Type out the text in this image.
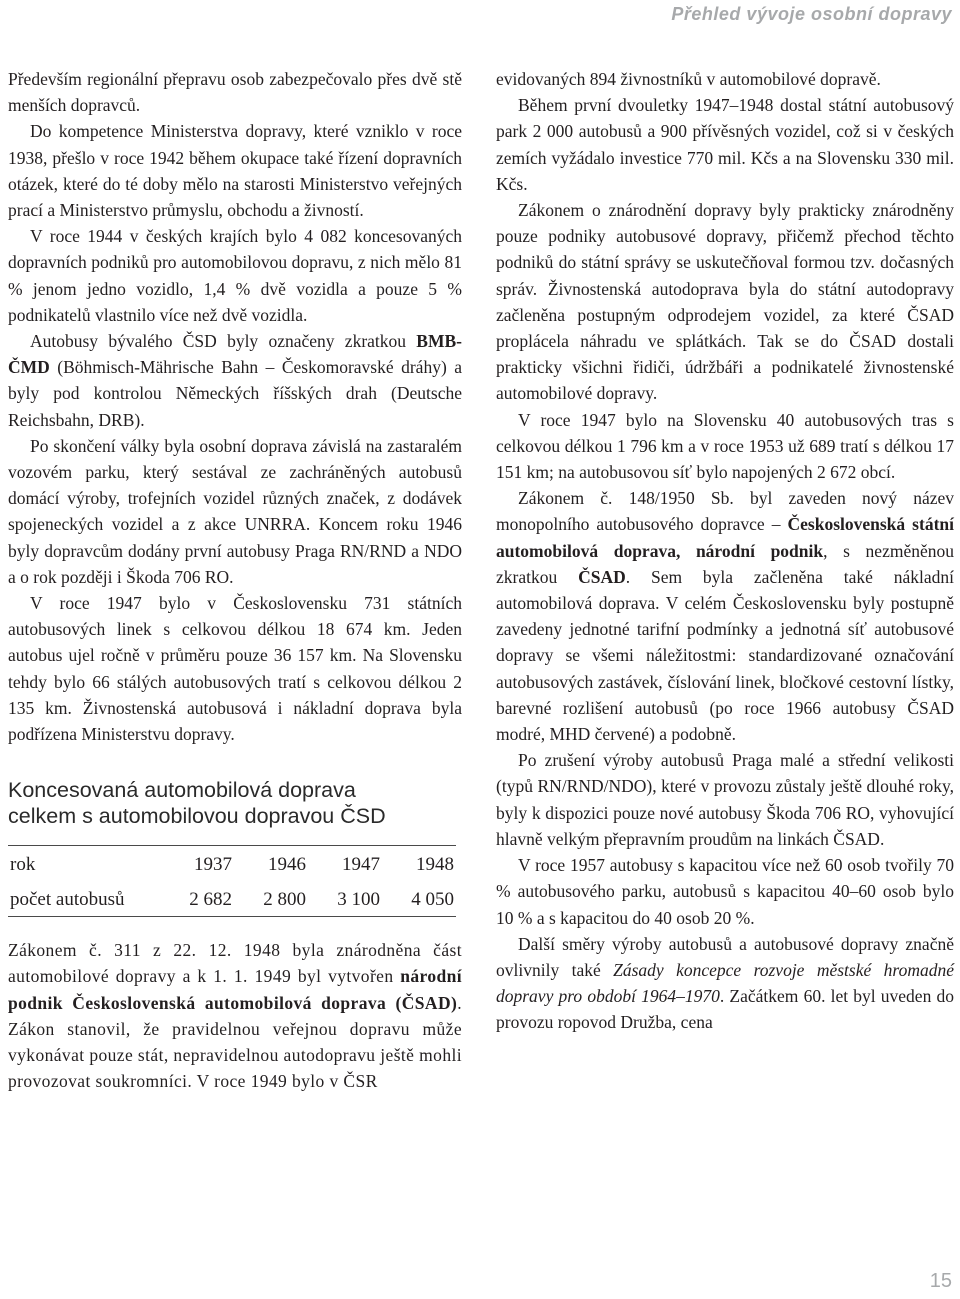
Přehled vývoje osobní dopravy

Především regionální přepravu osob zabezpečovalo přes dvě stě menších dopravců.

Do kompetence Ministerstva dopravy, které vzniklo v roce 1938, přešlo v roce 1942 během okupace také řízení dopravních otázek, které do té doby mělo na starosti Ministerstvo veřejných prací a Ministerstvo průmyslu, obchodu a živností.

V roce 1944 v českých krajích bylo 4 082 koncesovaných dopravních podniků pro automobilovou dopravu, z nich mělo 81 % jenom jedno vozidlo, 1,4 % dvě vozidla a pouze 5 % podnikatelů vlastnilo více než dvě vozidla.

Autobusy bývalého ČSD byly označeny zkratkou BMB-ČMD (Böhmisch-Mährische Bahn – Českomoravské dráhy) a byly pod kontrolou Německých říšských drah (Deutsche Reichsbahn, DRB).

Po skončení války byla osobní doprava závislá na zastaralém vozovém parku, který sestával ze zachráněných autobusů domácí výroby, trofejních vozidel různých značek, z dodávek spojeneckých vozidel a z akce UNRRA. Koncem roku 1946 byly dopravcům dodány první autobusy Praga RN/RND a NDO a o rok později i Škoda 706 RO.

V roce 1947 bylo v Československu 731 státních autobusových linek s celkovou délkou 18 674 km. Jeden autobus ujel ročně v průměru pouze 36 157 km. Na Slovensku tehdy bylo 66 stálých autobusových tratí s celkovou délkou 2 135 km. Živnostenská autobusová i nákladní doprava byla podřízena Ministerstvu dopravy.

Koncesovaná automobilová doprava
celkem s automobilovou dopravou ČSD
rok	1937	1946	1947	1948
počet autobusů	2 682	2 800	3 100	4 050

Zákonem č. 311 z 22. 12. 1948 byla znárodněna část automobilové dopravy a k 1. 1. 1949 byl vytvořen národní podnik Československá automobilová doprava (ČSAD). Zákon stanovil, že pravidelnou veřejnou dopravu může vykonávat pouze stát, nepravidelnou autodopravu ještě mohli provozovat soukromníci. V roce 1949 bylo v ČSR

evidovaných 894 živnostníků v automobilové dopravě.

Během první dvouletky 1947–1948 dostal státní autobusový park 2 000 autobusů a 900 přívěsných vozidel, což si v českých zemích vyžádalo investice 770 mil. Kčs a na Slovensku 330 mil. Kčs.

Zákonem o znárodnění dopravy byly prakticky znárodněny pouze podniky autobusové dopravy, přičemž přechod těchto podniků do státní správy se uskutečňoval formou tzv. dočasných správ. Živnostenská autodoprava byla do státní autodopravy začleněna postupným odprodejem vozidel, za které ČSAD proplácela náhradu ve splátkách. Tak se do ČSAD dostali prakticky všichni řidiči, údržbáři a podnikatelé živnostenské automobilové dopravy.

V roce 1947 bylo na Slovensku 40 autobusových tras s celkovou délkou 1 796 km a v roce 1953 už 689 tratí s délkou 17 151 km; na autobusovou síť bylo napojených 2 672 obcí.

Zákonem č. 148/1950 Sb. byl zaveden nový název monopolního autobusového dopravce – Československá státní automobilová doprava, národní podnik, s nezměněnou zkratkou ČSAD. Sem byla začleněna také nákladní automobilová doprava. V celém Československu byly postupně zavedeny jednotné tarifní podmínky a jednotná síť autobusové dopravy se všemi náležitostmi: standardizované označování autobusových zastávek, číslování linek, bločkové cestovní lístky, barevné rozlišení autobusů (po roce 1966 autobusy ČSAD modré, MHD červené) a podobně.

Po zrušení výroby autobusů Praga malé a střední velikosti (typů RN/RND/NDO), které v provozu zůstaly ještě dlouhé roky, byly k dispozici pouze nové autobusy Škoda 706 RO, vyhovující hlavně velkým přepravním proudům na linkách ČSAD.

V roce 1957 autobusy s kapacitou více než 60 osob tvořily 70 % autobusového parku, autobusů s kapacitou 40–60 osob bylo 10 % a s kapacitou do 40 osob 20 %.

Další směry výroby autobusů a autobusové dopravy značně ovlivnily také Zásady koncepce rozvoje městské hromadné dopravy pro období 1964–1970. Začátkem 60. let byl uveden do provozu ropovod Družba, cena

15
